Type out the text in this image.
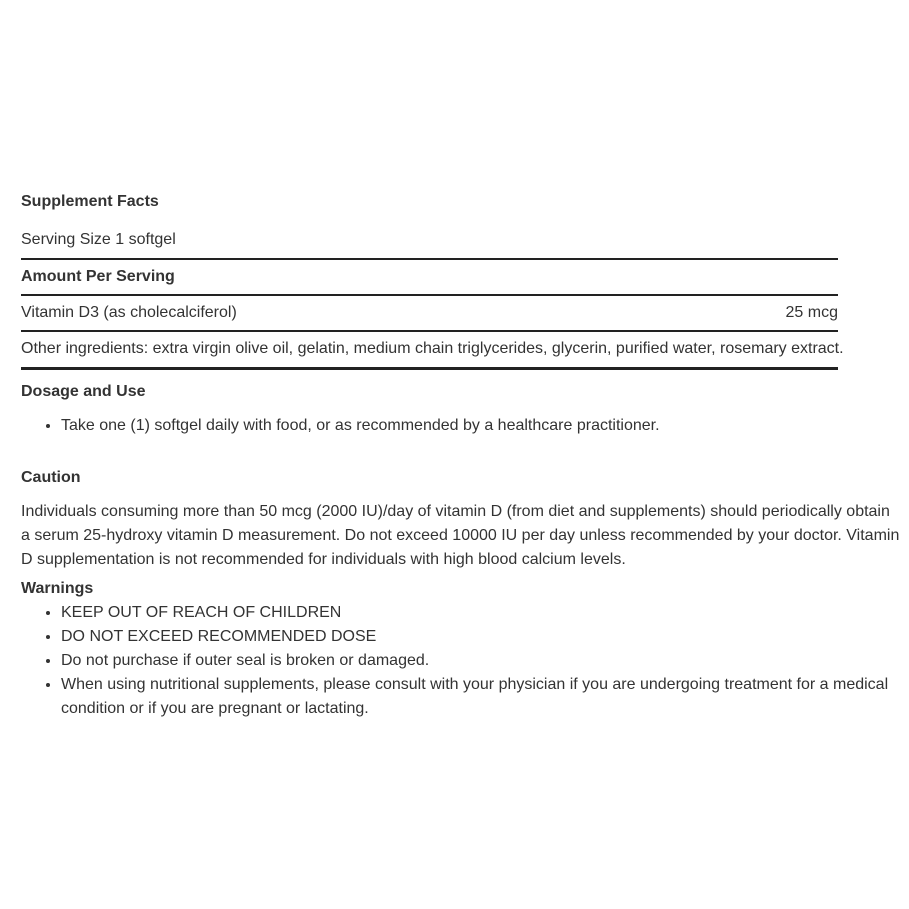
Supplement Facts
Serving Size 1 softgel
Amount Per Serving
Vitamin D3 (as cholecalciferol)	25 mcg
Other ingredients: extra virgin olive oil, gelatin, medium chain triglycerides, glycerin, purified water, rosemary extract.
Dosage and Use
• Take one (1) softgel daily with food, or as recommended by a healthcare practitioner.
Caution

Individuals consuming more than 50 mcg (2000 IU)/day of vitamin D (from diet and supplements) should periodically obtain a serum 25-hydroxy vitamin D measurement. Do not exceed 10000 IU per day unless recommended by your doctor. Vitamin D supplementation is not recommended for individuals with high blood calcium levels.

Warnings
• KEEP OUT OF REACH OF CHILDREN
• DO NOT EXCEED RECOMMENDED DOSE
• Do not purchase if outer seal is broken or damaged.
• When using nutritional supplements, please consult with your physician if you are undergoing treatment for a medical condition or if you are pregnant or lactating.
